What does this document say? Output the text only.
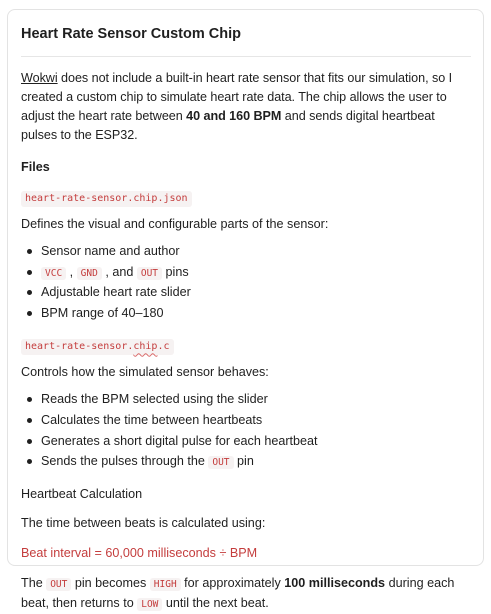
Heart Rate Sensor Custom Chip

Wokwi does not include a built-in heart rate sensor that fits our simulation, so I created a custom chip to simulate heart rate data. The chip allows the user to adjust the heart rate between 40 and 160 BPM and sends digital heartbeat pulses to the ESP32.

Files
heart-rate-sensor.chip.json
Defines the visual and configurable parts of the sensor:
Sensor name and author
VCC , GND , and OUT pins
Adjustable heart rate slider
BPM range of 40–180
heart-rate-sensor.chip.c
Controls how the simulated sensor behaves:
Reads the BPM selected using the slider
Calculates the time between heartbeats
Generates a short digital pulse for each heartbeat
Sends the pulses through the OUT pin
Heartbeat Calculation
The time between beats is calculated using:
Beat interval = 60,000 milliseconds ÷ BPM

The OUT pin becomes HIGH for approximately 100 milliseconds during each beat, then returns to LOW until the next beat.
